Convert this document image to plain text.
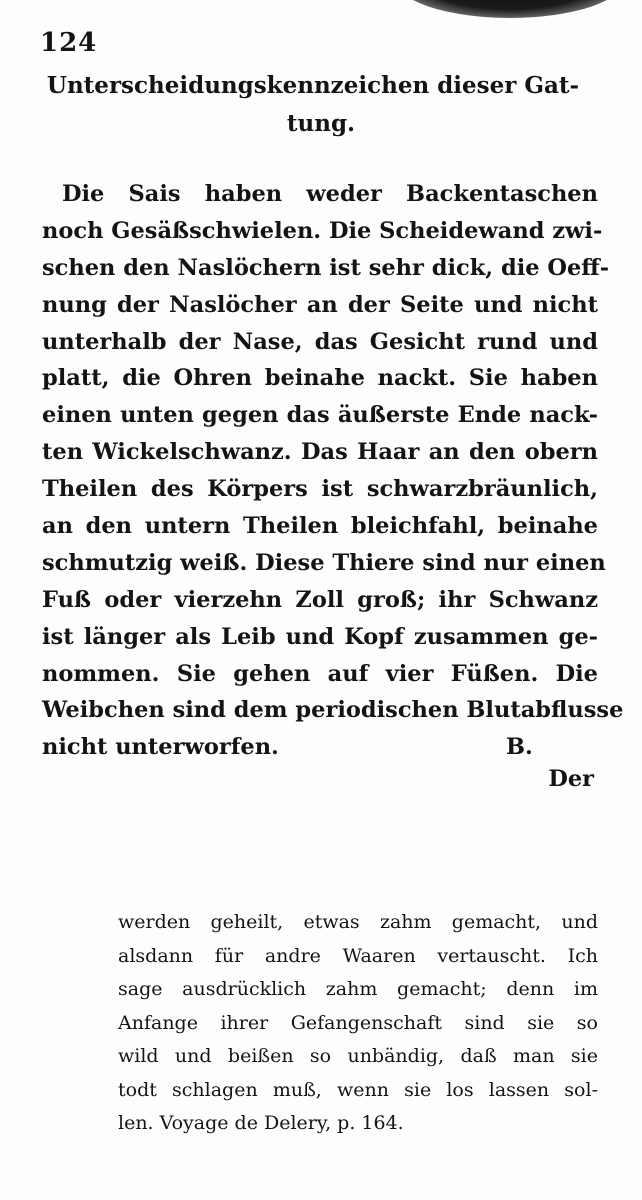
124
Unterscheidungskennzeichen dieser Gat-
tung.
Die Sais haben weder Backentaschen
noch Gesäßschwielen. Die Scheidewand zwi-
schen den Naslöchern ist sehr dick, die Oeff-
nung der Naslöcher an der Seite und nicht
unterhalb der Nase, das Gesicht rund und
platt, die Ohren beinahe nackt. Sie haben
einen unten gegen das äußerste Ende nack-
ten Wickelschwanz. Das Haar an den obern
Theilen des Körpers ist schwarzbräunlich,
an den untern Theilen bleichfahl, beinahe
schmutzig weiß. Diese Thiere sind nur einen
Fuß oder vierzehn Zoll groß; ihr Schwanz
ist länger als Leib und Kopf zusammen ge-
nommen. Sie gehen auf vier Füßen. Die
Weibchen sind dem periodischen Blutabflusse
nicht unterworfen.	B.
Der
werden geheilt, etwas zahm gemacht, und
alsdann für andre Waaren vertauscht. Ich
sage ausdrücklich zahm gemacht; denn im
Anfange ihrer Gefangenschaft sind sie so
wild und beißen so unbändig, daß man sie
todt schlagen muß, wenn sie los lassen sol-
len. Voyage de Delery, p. 164.
